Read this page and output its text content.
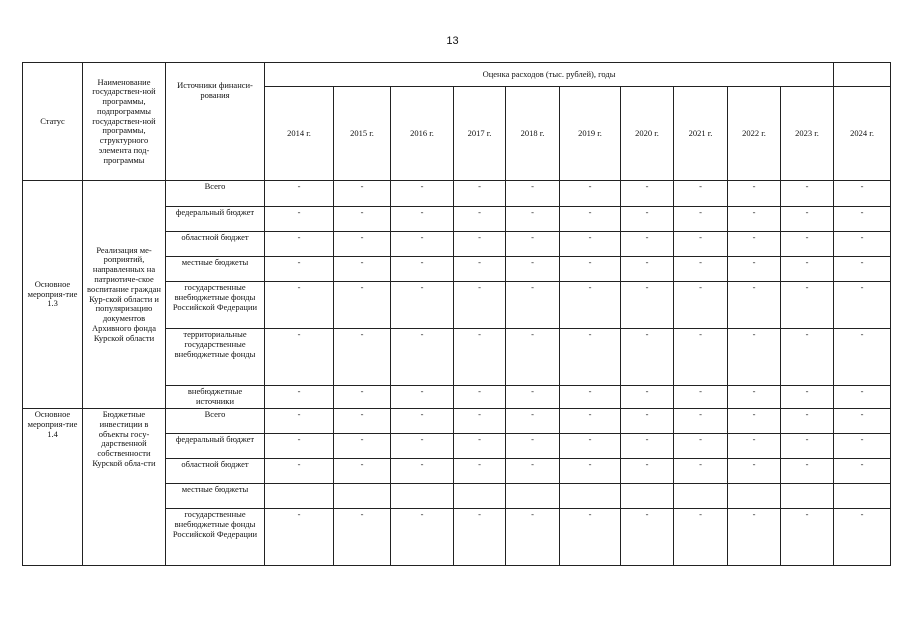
13
Статус	Наименование государствен-ной программы, подпрограммы государствен-ной программы, структурного элемента под-программы	Источники финанси-рования	Оценка расходов (тыс. рублей), годы										
			2014 г.	2015 г.	2016 г.	2017 г.	2018 г.	2019 г.	2020 г.	2021 г.	2022 г.	2023 г.	2024 г.
Основное мероприя-тие 1.3	Реализация ме-роприятий, направленных на патриотиче-ское воспитание граждан Кур-ской области и популяризацию документов Архивного фонда Курской области	Всего	-	-	-	-	-	-	-	-	-	-	-
		федеральный бюджет	-	-	-	-	-	-	-	-	-	-	-
		областной бюджет	-	-	-	-	-	-	-	-	-	-	-
		местные бюджеты	-	-	-	-	-	-	-	-	-	-	-
		государственные внебюджетные фонды Российской Федерации	-	-	-	-	-	-	-	-	-	-	-
		территориальные государственные внебюджетные фонды	-	-	-	-	-	-	-	-	-	-	-
		внебюджетные источники	-	-	-	-	-	-	-	-	-	-	-
Основное мероприя-тие 1.4	Бюджетные инвестиции в объекты госу-дарственной собственности Курской обла-сти	Всего	-	-	-	-	-	-	-	-	-	-	-
		федеральный бюджет	-	-	-	-	-	-	-	-	-	-	-
		областной бюджет	-	-	-	-	-	-	-	-	-	-	-
		местные бюджеты											
		государственные внебюджетные фонды Российской Федерации	-	-	-	-	-	-	-	-	-	-	-
